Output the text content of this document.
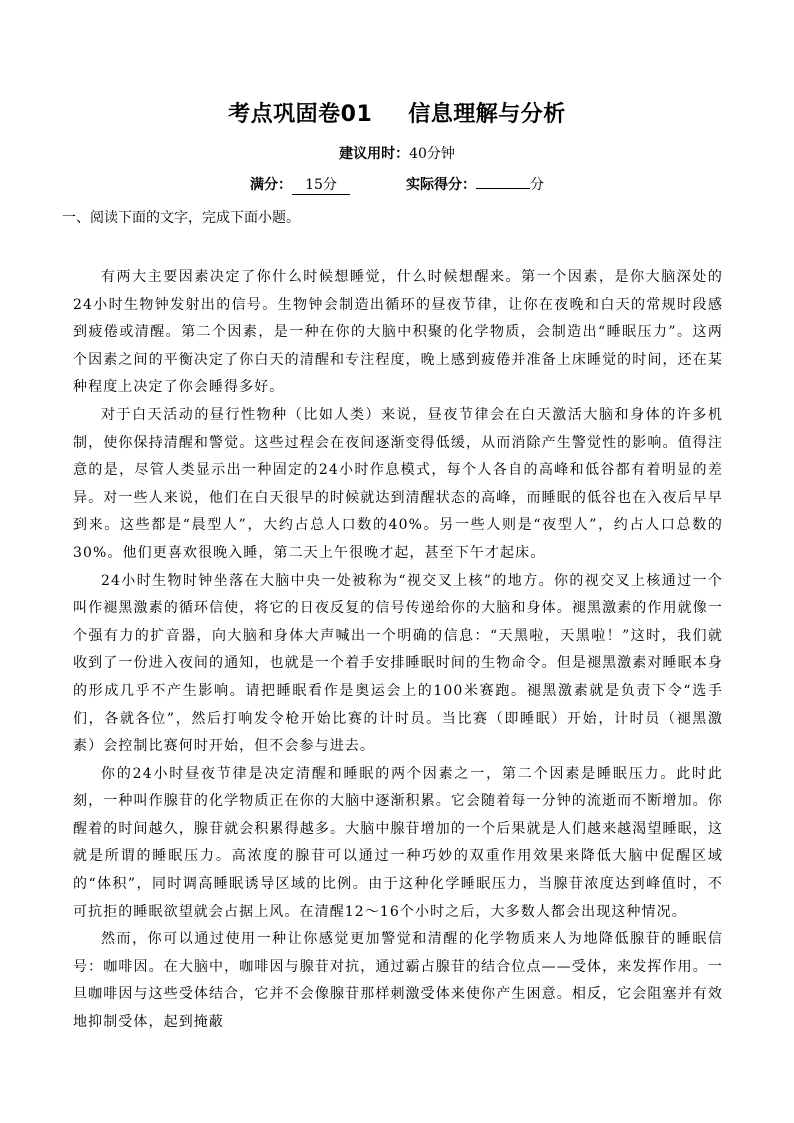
考点巩固卷01 信息理解与分析
建议用时：40分钟
满分： 15分	实际得分：	分
一、阅读下面的文字，完成下面小题。

有两大主要因素决定了你什么时候想睡觉，什么时候想醒来。第一个因素，是你大脑深处的24小时生物钟发射出的信号。生物钟会制造出循环的昼夜节律，让你在夜晚和白天的常规时段感到疲倦或清醒。第二个因素，是一种在你的大脑中积聚的化学物质，会制造出“睡眠压力”。这两个因素之间的平衡决定了你白天的清醒和专注程度，晚上感到疲倦并准备上床睡觉的时间，还在某种程度上决定了你会睡得多好。

对于白天活动的昼行性物种（比如人类）来说，昼夜节律会在白天激活大脑和身体的许多机制，使你保持清醒和警觉。这些过程会在夜间逐渐变得低缓，从而消除产生警觉性的影响。值得注意的是，尽管人类显示出一种固定的24小时作息模式，每个人各自的高峰和低谷都有着明显的差异。对一些人来说，他们在白天很早的时候就达到清醒状态的高峰，而睡眠的低谷也在入夜后早早到来。这些都是“晨型人”，大约占总人口数的40%。另一些人则是“夜型人”，约占人口总数的30%。他们更喜欢很晚入睡，第二天上午很晚才起，甚至下午才起床。

24小时生物时钟坐落在大脑中央一处被称为“视交叉上核”的地方。你的视交叉上核通过一个叫作褪黑激素的循环信使，将它的日夜反复的信号传递给你的大脑和身体。褪黑激素的作用就像一个强有力的扩音器，向大脑和身体大声喊出一个明确的信息：“天黑啦，天黑啦！”这时，我们就收到了一份进入夜间的通知，也就是一个着手安排睡眠时间的生物命令。但是褪黑激素对睡眠本身的形成几乎不产生影响。请把睡眠看作是奥运会上的100米赛跑。褪黑激素就是负责下令“选手们，各就各位”，然后打响发令枪开始比赛的计时员。当比赛（即睡眠）开始，计时员（褪黑激素）会控制比赛何时开始，但不会参与进去。

你的24小时昼夜节律是决定清醒和睡眠的两个因素之一，第二个因素是睡眠压力。此时此刻，一种叫作腺苷的化学物质正在你的大脑中逐渐积累。它会随着每一分钟的流逝而不断增加。你醒着的时间越久，腺苷就会积累得越多。大脑中腺苷增加的一个后果就是人们越来越渴望睡眠，这就是所谓的睡眠压力。高浓度的腺苷可以通过一种巧妙的双重作用效果来降低大脑中促醒区域的“体积”，同时调高睡眠诱导区域的比例。由于这种化学睡眠压力，当腺苷浓度达到峰值时，不可抗拒的睡眠欲望就会占据上风。在清醒12～16个小时之后，大多数人都会出现这种情况。

然而，你可以通过使用一种让你感觉更加警觉和清醒的化学物质来人为地降低腺苷的睡眠信号：咖啡因。在大脑中，咖啡因与腺苷对抗，通过霸占腺苷的结合位点——受体，来发挥作用。一旦咖啡因与这些受体结合，它并不会像腺苷那样刺激受体来使你产生困意。相反，它会阻塞并有效地抑制受体，起到掩蔽
